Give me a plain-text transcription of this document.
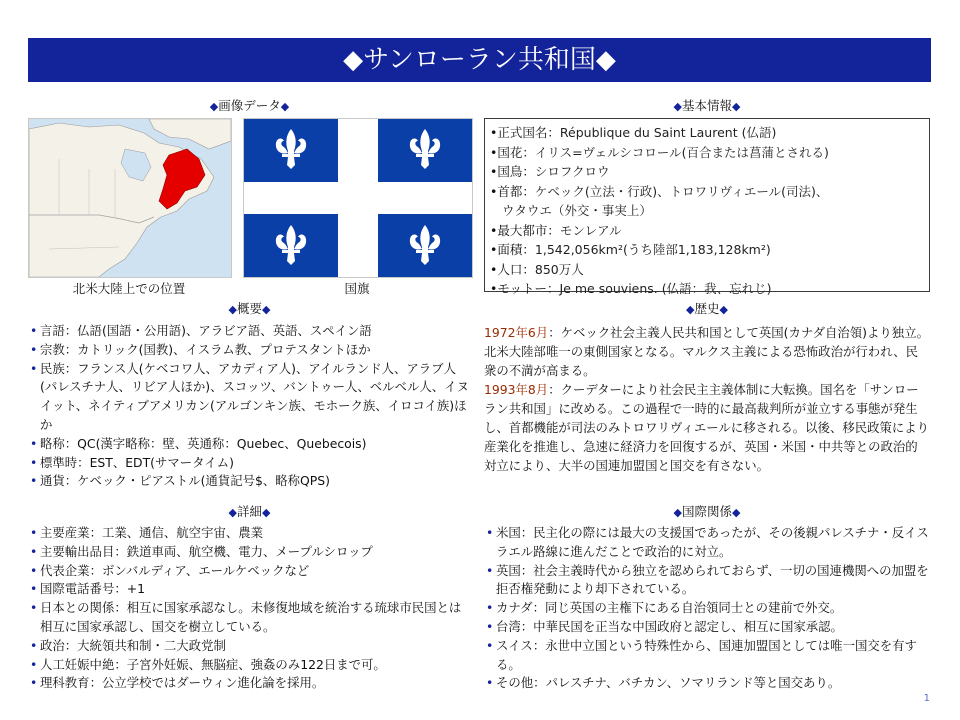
◆サンローラン共和国◆
◆画像データ◆	◆基本情報◆
北米大陸上での位置	国旗
•正式国名：République du Saint Laurent (仏語)
•国花：イリス=ヴェルシコロール(百合または菖蒲とされる)
•国鳥：シロフクロウ
•首都：ケベック(立法・行政)、トロワリヴィエール(司法)、
ウタウエ（外交・事実上）
•最大都市：モンレアル
•面積：1,542,056km²(うち陸部1,183,128km²)
•人口：850万人
•モットー：Je me souviens. (仏語：我、忘れじ)
◆概要◆	◆歴史◆
• 言語：仏語(国語・公用語)、アラビア語、英語、スペイン語
• 宗教：カトリック(国教)、イスラム教、プロテスタントほか
• 民族：フランス人(ケベコワ人、アカディア人)、アイルランド人、アラブ人(パレスチナ人、リビア人ほか)、スコッツ、バントゥー人、ベルベル人、イヌイット、ネイティブアメリカン(アルゴンキン族、モホーク族、イロコイ族)ほか
• 略称：QC(漢字略称：壁、英通称：Quebec、Quebecois)
• 標準時：EST、EDT(サマータイム)
• 通貨：ケベック・ピアストル(通貨記号$、略称QPS)

1972年6月：ケベック社会主義人民共和国として英国(カナダ自治領)より独立。北米大陸部唯一の東側国家となる。マルクス主義による恐怖政治が行われ、民衆の不満が高まる。

1993年8月：クーデターにより社会民主主義体制に大転換。国名を「サンローラン共和国」に改める。この過程で一時的に最高裁判所が並立する事態が発生し、首都機能が司法のみトロワリヴィエールに移される。以後、移民政策により産業化を推進し、急速に経済力を回復するが、英国・米国・中共等との政治的対立により、大半の国連加盟国と国交を有さない。

◆詳細◆	◆国際関係◆
• 主要産業：工業、通信、航空宇宙、農業
• 主要輸出品目：鉄道車両、航空機、電力、メープルシロップ
• 代表企業：ボンバルディア、エールケベックなど
• 国際電話番号：+1
• 日本との関係：相互に国家承認なし。未修復地域を統治する琉球市民国とは相互に国家承認し、国交を樹立している。
• 政治：大統領共和制・二大政党制
• 人工妊娠中絶：子宮外妊娠、無脳症、強姦のみ122日まで可。
• 理科教育：公立学校ではダーウィン進化論を採用。
• 米国：民主化の際には最大の支援国であったが、その後親パレスチナ・反イスラエル路線に進んだことで政治的に対立。
• 英国：社会主義時代から独立を認められておらず、一切の国連機関への加盟を拒否権発動により却下されている。
• カナダ：同じ英国の主権下にある自治領同士との建前で外交。
• 台湾：中華民国を正当な中国政府と認定し、相互に国家承認。
• スイス：永世中立国という特殊性から、国連加盟国としては唯一国交を有する。
• その他：パレスチナ、バチカン、ソマリランド等と国交あり。
1
